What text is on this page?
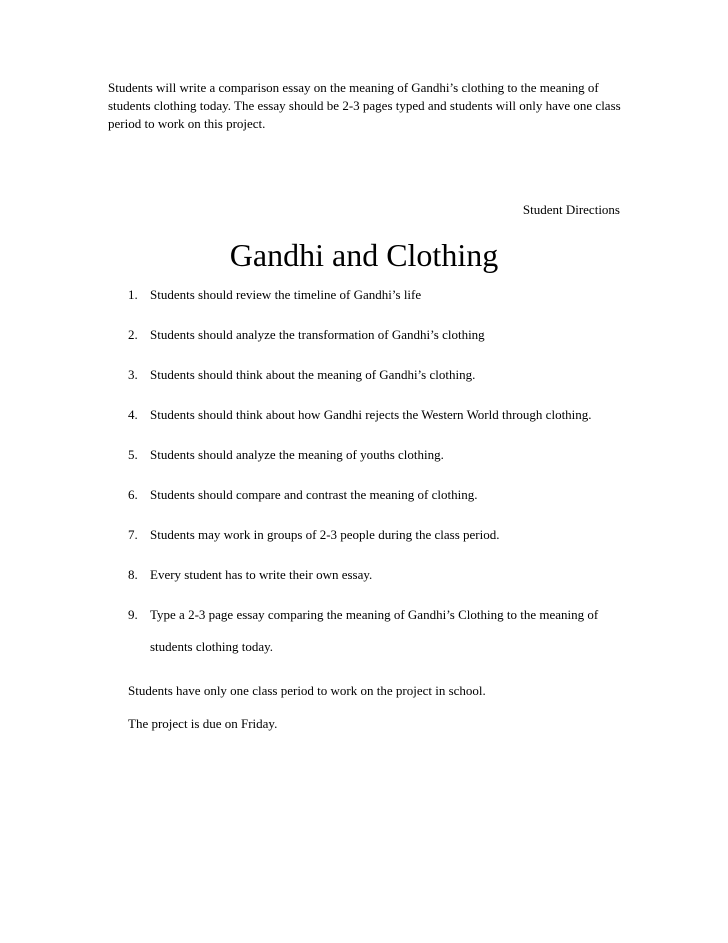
Students will write a comparison essay on the meaning of Gandhi’s clothing to the meaning of students clothing today. The essay should be 2-3 pages typed and students will only have one class period to work on this project.

Student Directions

Gandhi and Clothing
1. Students should review the timeline of Gandhi’s life
2. Students should analyze the transformation of Gandhi’s clothing
3. Students should think about the meaning of Gandhi’s clothing.
4. Students should think about how Gandhi rejects the Western World through clothing.
5. Students should analyze the meaning of youths clothing.
6. Students should compare and contrast the meaning of clothing.
7. Students may work in groups of 2-3 people during the class period.
8. Every student has to write their own essay.
9. Type a 2-3 page essay comparing the meaning of Gandhi’s Clothing to the meaning of students clothing today.

Students have only one class period to work on the project in school.

The project is due on Friday.
